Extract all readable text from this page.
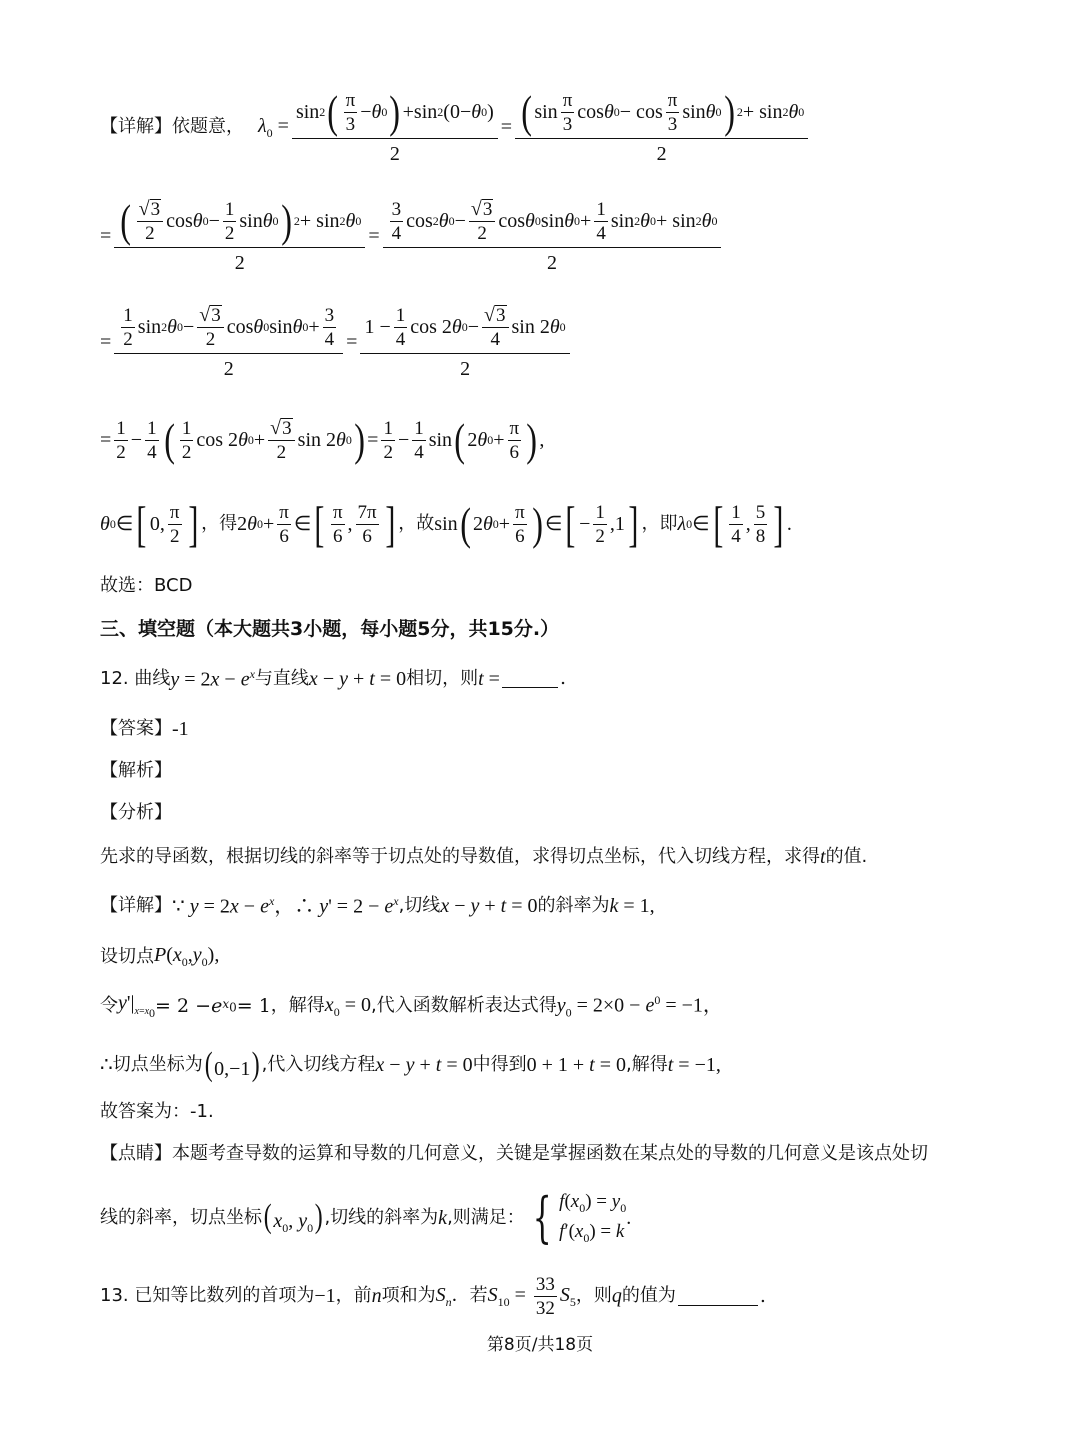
【详解】 依题意， $\lambda_0 = \frac{\sin 2 ( \frac{\pi}{3} - \theta 0 ) +\sin 2 (0- \theta 0 )}{2} = \frac{( \sin \frac{\pi}{3} \cos \theta 0 - \cos \frac{\pi}{3} \sin \theta 0 ) 2 + \sin 2 \theta 0}{2}$
= $\frac{( \frac{√ 3}{2} \cos \theta 0 - \frac{1}{2} \sin \theta 0 ) 2 + \sin 2 \theta 0}{2} = \frac{\frac{3}{4} \cos 2 \theta 0 - \frac{√ 3}{2} \cos \theta 0 \sin \theta 0 + \frac{1}{4} \sin 2 \theta 0 + \sin 2 \theta 0}{2}$
= $\frac{\frac{1}{2} \sin 2 \theta 0 - \frac{√ 3}{2} \cos \theta 0 \sin \theta 0 + \frac{3}{4}}{2} = \frac{1 - \frac{1}{4} \cos 2 \theta 0 - \frac{√ 3}{4} \sin 2 \theta 0}{2}$
= $\frac{1}{2} - \frac{1}{4}$ ( $\frac{1}{2}$ cos 2 θ $0 + \frac{√ 3}{2}$ sin 2 θ 0 ) = $\frac{1}{2} - \frac{1}{4}$ sin ( 2 θ $0 + \frac{\pi}{6}$ ) ,
θ 0 ∈ [ 0, $\frac{\pi}{2}$ ] ，得 2 θ $0 + \frac{\pi}{6}$ ∈ [ $\frac{\pi}{6}$ , $\frac{7\pi}{6}$ ] ，故 sin ( 2 θ $0 + \frac{\pi}{6}$ ) ∈ [ − $\frac{1}{2} ,1$ ] ，即 λ 0 ∈ [ $\frac{1}{4}$ , $\frac{5}{8}$ ] .
故选：BCD
三、填空题（本大题共3小题，每小题5分，共15分.）
12. 曲线 $y = 2x - e^x$ 与直线 x − y + t = 0 相切，则 t =	.
【答案】 -1
【解析】
【分析】
先求的导函数，根据切线的斜率等于切点处的导数值，求得切点坐标，代入切线方程，求得 t 的值.
【详解】 ∵ $y = 2x - e^x$，∴ $y' = 2 - e^x$ ,切线 x − y + t = 0 的斜率为 k = 1,
设切点 $P(x_0,y_0)$,
令 $y'|_{x=x_0} = 2 - e$ $x_0 = 1$ ，解得 $x_0 = 0$ ,代入函数解析表达式得 $y_0 = 2\times 0 - e^0 = -1$，
∴ 切点坐标为 (0,−1) ,代入切线方程 x − y + t = 0 中得到 0 + 1 + t = 0 ,解得 t = −1,
故答案为：-1.
【点睛】 本题考查导数的运算和导数的几何意义，关键是掌握函数在某点处的导数的几何意义是该点处切
线的斜率，切点坐标 ($x_0$, $y_0$) ,切线的斜率为 k ,则满足： { $f(x_0) = y_0$
$f'(x_0) = k$
.
13. 已知等比数列的首项为 −1 ，前 n 项和为 $S_n$ ．若 $S_{10} = \frac{33}{32} S_5$ ，则 q 的值为	.
第8页/共18页
